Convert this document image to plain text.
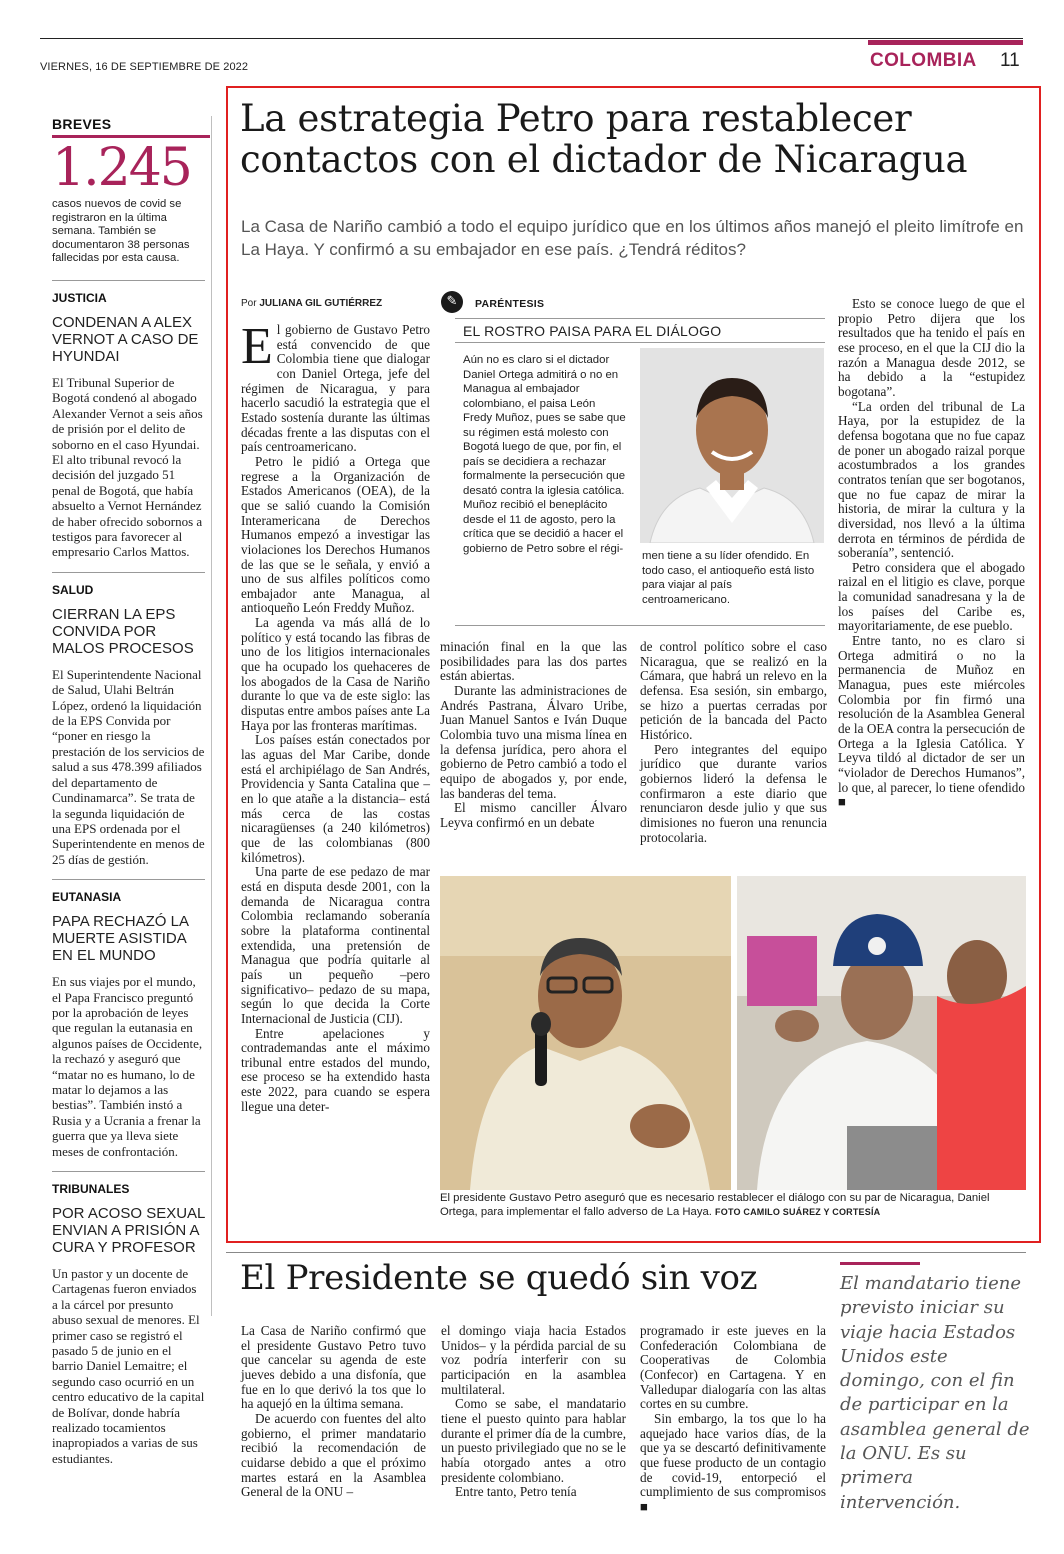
VIERNES, 16 DE SEPTIEMBRE DE 2022	COLOMBIA 11
BREVES
1.245
casos nuevos de covid se registraron en la última semana. También se documentaron 38 personas fallecidas por esta causa.
JUSTICIA
CONDENAN A ALEX VERNOT A CASO DE HYUNDAI
El Tribunal Superior de Bogotá condenó al abogado Alexander Vernot a seis años de prisión por el delito de soborno en el caso Hyundai. El alto tribunal revocó la decisión del juzgado 51 penal de Bogotá, que había absuelto a Vernot Hernández de haber ofrecido sobornos a testigos para favorecer al empresario Carlos Mattos.
SALUD
CIERRAN LA EPS CONVIDA POR MALOS PROCESOS
El Superintendente Nacional de Salud, Ulahi Beltrán López, ordenó la liquidación de la EPS Convida por “poner en riesgo la prestación de los servicios de salud a sus 478.399 afiliados del departamento de Cundinamarca”. Se trata de la segunda liquidación de una EPS ordenada por el Superintendente en menos de 25 días de gestión.
EUTANASIA
PAPA RECHAZÓ LA MUERTE ASISTIDA EN EL MUNDO
En sus viajes por el mundo, el Papa Francisco preguntó por la aprobación de leyes que regulan la eutanasia en algunos países de Occidente, la rechazó y aseguró que “matar no es humano, lo de matar lo dejamos a las bestias”. También instó a Rusia y a Ucrania a frenar la guerra que ya lleva siete meses de confrontación.
TRIBUNALES
POR ACOSO SEXUAL ENVIAN A PRISIÓN A CURA Y PROFESOR
Un pastor y un docente de Cartagenas fueron enviados a la cárcel por presunto abuso sexual de menores. El primer caso se registró el pasado 5 de junio en el barrio Daniel Lemaitre; el segundo caso ocurrió en un centro educativo de la capital de Bolívar, donde habría realizado tocamientos inapropiados a varias de sus estudiantes.
La estrategia Petro para restablecer contactos con el dictador de Nicaragua
La Casa de Nariño cambió a todo el equipo jurídico que en los últimos años manejó el pleito limítrofe en La Haya. Y confirmó a su embajador en ese país. ¿Tendrá réditos?
Por JULIANA GIL GUTIÉRREZ

El gobierno de Gustavo Petro está convencido de que Colombia tiene que dialogar con Daniel Ortega, jefe del régimen de Nicaragua, y para hacerlo sacudió la estrategia que el Estado sostenía durante las últimas décadas frente a las disputas con el país centroamericano.

Petro le pidió a Ortega que regrese a la Organización de Estados Americanos (OEA), de la que se salió cuando la Comisión Interamericana de Derechos Humanos empezó a investigar las violaciones los Derechos Humanos de las que se le señala, y envió a uno de sus alfiles políticos como embajador ante Managua, al antioqueño León Freddy Muñoz.

La agenda va más allá de lo político y está tocando las fibras de uno de los litigios internacionales que ha ocupado los quehaceres de los abogados de la Casa de Nariño durante lo que va de este siglo: las disputas entre ambos países ante La Haya por las fronteras marítimas.

Los países están conectados por las aguas del Mar Caribe, donde está el archipiélago de San Andrés, Providencia y Santa Catalina que –en lo que atañe a la distancia– está más cerca de las costas nicaragüenses (a 240 kilómetros) que de las colombianas (800 kilómetros).

Una parte de ese pedazo de mar está en disputa desde 2001, con la demanda de Nicaragua contra Colombia reclamando soberanía sobre la plataforma continental extendida, una pretensión de Managua que podría quitarle al país un pequeño –pero significativo– pedazo de su mapa, según lo que decida la Corte Internacional de Justicia (CIJ).

Entre apelaciones y contrademandas ante el máximo tribunal entre estados del mundo, ese proceso se ha extendido hasta este 2022, para cuando se espera llegue una deter-

✎	PARÉNTESIS
EL ROSTRO PAISA PARA EL DIÁLOGO
Aún no es claro si el dictador Daniel Ortega admitirá o no en Managua al embajador colombiano, el paisa León Fredy Muñoz, pues se sabe que su régimen está molesto con Bogotá luego de que, por fin, el país se decidiera a rechazar formalmente la persecución que desató contra la iglesia católica. Muñoz recibió el beneplácito desde el 11 de agosto, pero la crítica que se decidió a hacer el gobierno de Petro sobre el régi-
men tiene a su líder ofendido. En todo caso, el antioqueño está listo para viajar al país centroamericano.

minación final en la que las posibilidades para las dos partes están abiertas.

Durante las administraciones de Andrés Pastrana, Álvaro Uribe, Juan Manuel Santos e Iván Duque Colombia tuvo una misma línea en la defensa jurídica, pero ahora el gobierno de Petro cambió a todo el equipo de abogados y, por ende, las banderas del tema.

El mismo canciller Álvaro Leyva confirmó en un debate

de control político sobre el caso Nicaragua, que se realizó en la Cámara, que habrá un relevo en la defensa. Esa sesión, sin embargo, se hizo a puertas cerradas por petición de la bancada del Pacto Histórico.

Pero integrantes del equipo jurídico que durante varios gobiernos lideró la defensa le confirmaron a este diario que renunciaron desde julio y que sus dimisiones no fueron una renuncia protocolaria.

Esto se conoce luego de que el propio Petro dijera que los resultados que ha tenido el país en ese proceso, en el que la CIJ dio la razón a Managua desde 2012, se ha debido a la “estupidez bogotana”.

“La orden del tribunal de La Haya, por la estupidez de la defensa bogotana que no fue capaz de poner un abogado raizal porque acostumbrados a los grandes contratos tenían que ser bogotanos, que no fue capaz de mirar la historia, de mirar la cultura y la diversidad, nos llevó a la última derrota en términos de pérdida de soberanía”, sentenció.

Petro considera que el abogado raizal en el litigio es clave, porque la comunidad sanadresana y la de los países del Caribe es, mayoritariamente, de ese pueblo.

Entre tanto, no es claro si Ortega admitirá o no la permanencia de Muñoz en Managua, pues este miércoles Colombia por fin firmó una resolución de la Asamblea General de la OEA contra la persecución de Ortega a la Iglesia Católica. Y Leyva tildó al dictador de ser un “violador de Derechos Humanos”, lo que, al parecer, lo tiene ofendido ■

El presidente Gustavo Petro aseguró que es necesario restablecer el diálogo con su par de Nicaragua, Daniel Ortega, para implementar el fallo adverso de La Haya. FOTO CAMILO SUÁREZ Y CORTESÍA
El Presidente se quedó sin voz

La Casa de Nariño confirmó que el presidente Gustavo Petro tuvo que cancelar su agenda de este jueves debido a una disfonía, que fue en lo que derivó la tos que lo ha aquejó en la última semana.

De acuerdo con fuentes del alto gobierno, el primer mandatario recibió la recomendación de cuidarse debido a que el próximo martes estará en la Asamblea General de la ONU –

el domingo viaja hacia Estados Unidos– y la pérdida parcial de su voz podría interferir con su participación en la asamblea multilateral.

Como se sabe, el mandatario tiene el puesto quinto para hablar durante el primer día de la cumbre, un puesto privilegiado que no se le había otorgado antes a otro presidente colombiano.

Entre tanto, Petro tenía

programado ir este jueves en la Confederación Colombiana de Cooperativas de Colombia (Confecor) en Cartagena. Y en Valledupar dialogaría con las altas cortes en su cumbre.

Sin embargo, la tos que lo ha aquejado hace varios días, de la que ya se descartó definitivamente que fuese producto de un contagio de covid-19, entorpeció el cumplimiento de sus compromisos ■

El mandatario tiene previsto iniciar su viaje hacia Estados Unidos este domingo, con el fin de participar en la asamblea general de la ONU. Es su primera intervención.
